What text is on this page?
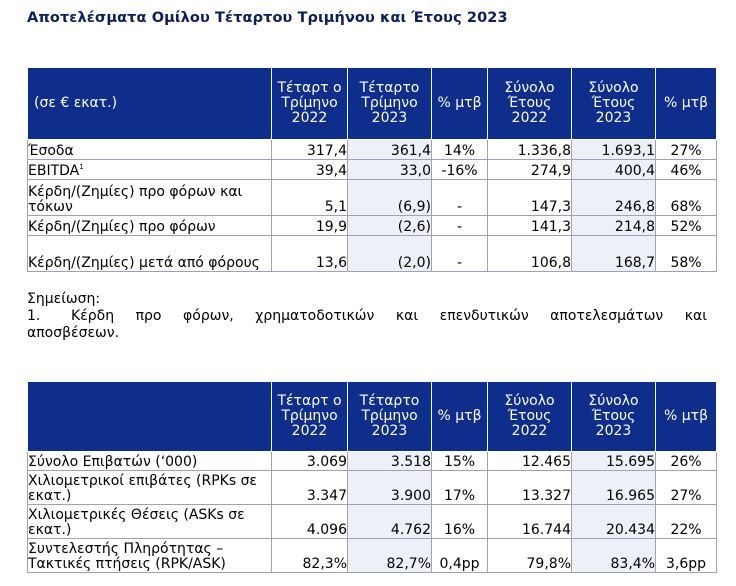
Αποτελέσματα Ομίλου Τέταρτου Τριμήνου και Έτους 2023
(σε € εκατ.)	Τέταρτ ο Τρίμηνο 2022	Τέταρτο Τρίμηνο 2023	% μτβ	Σύνολο Έτους 2022	Σύνολο Έτους 2023	% μτβ
Έσοδα	317,4	361,4	14%	1.336,8	1.693,1	27%
EBITDA$^1$	39,4	33,0	-16%	274,9	400,4	46%
Κέρδη/(Ζημίες) προ φόρων και τόκων	5,1	(6,9)	-	147,3	246,8	68%
Κέρδη/(Ζημίες) προ φόρων	19,9	(2,6)	-	141,3	214,8	52%
Κέρδη/(Ζημίες) μετά από φόρους	13,6	(2,0)	-	106,8	168,7	58%
Σημείωση:
1.	Κέρδη προ φόρων, χρηματοδοτικών και επενδυτικών αποτελεσμάτων και
αποσβέσεων.
	Τέταρτ ο Τρίμηνο 2022	Τέταρτο Τρίμηνο 2023	% μτβ	Σύνολο Έτους 2022	Σύνολο Έτους 2023	% μτβ
Σύνολο Επιβατών (‘000)	3.069	3.518	15%	12.465	15.695	26%
Χιλιομετρικοί επιβάτες (RPKs σε εκατ.)	3.347	3.900	17%	13.327	16.965	27%
Χιλιομετρικές Θέσεις (ASKs σε εκατ.)	4.096	4.762	16%	16.744	20.434	22%
Συντελεστής Πληρότητας – Τακτικές πτήσεις (RPK/ASK)	82,3%	82,7%	0,4pp	79,8%	83,4%	3,6pp
